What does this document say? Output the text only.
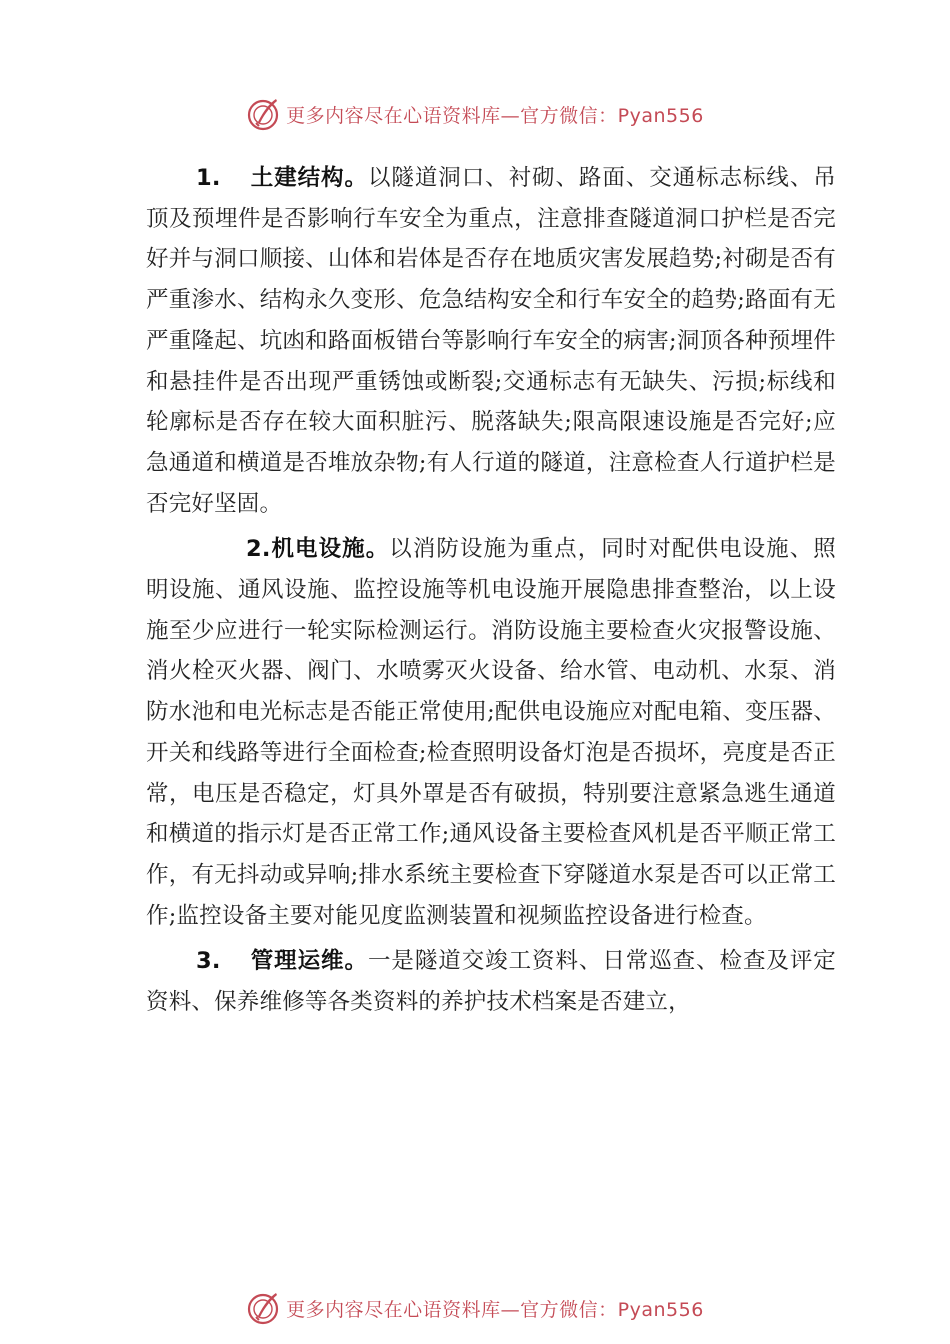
更多内容尽在心语资料库—官方微信：Pyan556

1. 土建结构。以隧道洞口、衬砌、路面、交通标志标线、吊顶及预埋件是否影响行车安全为重点，注意排查隧道洞口护栏是否完好并与洞口顺接、山体和岩体是否存在地质灾害发展趋势;衬砌是否有严重渗水、结构永久变形、危急结构安全和行车安全的趋势;路面有无严重隆起、坑凼和路面板错台等影响行车安全的病害;洞顶各种预埋件和悬挂件是否出现严重锈蚀或断裂;交通标志有无缺失、污损;标线和轮廓标是否存在较大面积脏污、脱落缺失;限高限速设施是否完好;应急通道和横道是否堆放杂物;有人行道的隧道，注意检查人行道护栏是否完好坚固。

2.机电设施。以消防设施为重点，同时对配供电设施、照明设施、通风设施、监控设施等机电设施开展隐患排查整治，以上设施至少应进行一轮实际检测运行。消防设施主要检查火灾报警设施、消火栓灭火器、阀门、水喷雾灭火设备、给水管、电动机、水泵、消防水池和电光标志是否能正常使用;配供电设施应对配电箱、变压器、开关和线路等进行全面检查;检查照明设备灯泡是否损坏，亮度是否正常，电压是否稳定，灯具外罩是否有破损，特别要注意紧急逃生通道和横道的指示灯是否正常工作;通风设备主要检查风机是否平顺正常工作，有无抖动或异响;排水系统主要检查下穿隧道水泵是否可以正常工作;监控设备主要对能见度监测装置和视频监控设备进行检查。

3. 管理运维。一是隧道交竣工资料、日常巡查、检查及评定资料、保养维修等各类资料的养护技术档案是否建立，

更多内容尽在心语资料库—官方微信：Pyan556
